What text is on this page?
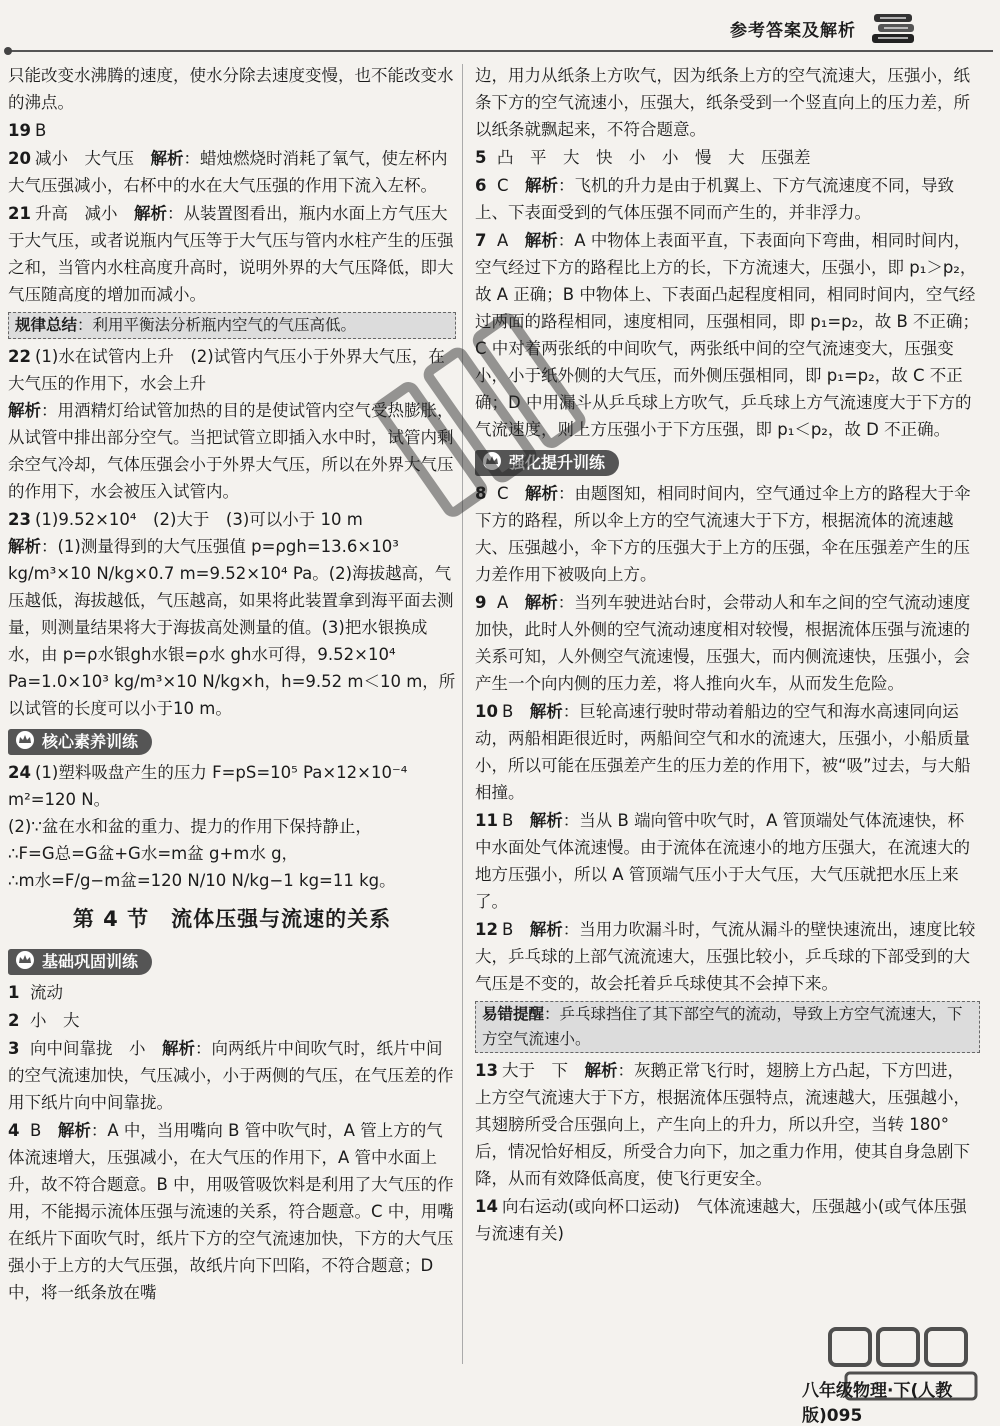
参考答案及解析
只能改变水沸腾的速度，使水分除去速度变慢，也不能改变水的沸点。
19 B
20 减小　大气压　 解析：蜡烛燃烧时消耗了氧气，使左杯内大气压强减小，右杯中的水在大气压强的作用下流入左杯。
21 升高　减小　 解析：从装置图看出，瓶内水面上方气压大于大气压，或者说瓶内气压等于大气压与管内水柱产生的压强之和，当管内水柱高度升高时，说明外界的大气压降低，即大气压随高度的增加而减小。
规律总结：利用平衡法分析瓶内空气的气压高低。
22 (1)水在试管内上升　(2)试管内气压小于外界大气压，在大气压的作用下，水会上升
解析：用酒精灯给试管加热的目的是使试管内空气受热膨胀，从试管中排出部分空气。当把试管立即插入水中时，试管内剩余空气冷却，气体压强会小于外界大气压，所以在外界大气压的作用下，水会被压入试管内。
23 (1)9.52×10⁴　(2)大于　(3)可以小于 10 m
解析：(1)测量得到的大气压强值 p=ρgh=13.6×10³ kg/m³×10 N/kg×0.7 m=9.52×10⁴ Pa。(2)海拔越高，气压越低，海拔越低，气压越高，如果将此装置拿到海平面去测量，则测量结果将大于海拔高处测量的值。(3)把水银换成水，由 p=ρ水银gh水银=ρ水 gh水可得，9.52×10⁴ Pa=1.0×10³ kg/m³×10 N/kg×h，h=9.52 m＜10 m，所以试管的长度可以小于10 m。
核心素养训练
24 (1)塑料吸盘产生的压力 F=pS=10⁵ Pa×12×10⁻⁴ m²=120 N。
(2)∵盆在水和盆的重力、提力的作用下保持静止，
∴F=G总=G盆+G水=m盆 g+m水 g，
∴m水=F/g−m盆=120 N/10 N/kg−1 kg=11 kg。
第 4 节　流体压强与流速的关系
基础巩固训练
1 流动
2 小　大
3 向中间靠拢　小　 解析：向两纸片中间吹气时，纸片中间的空气流速加快，气压减小，小于两侧的气压，在气压差的作用下纸片向中间靠拢。
4 B　 解析：A 中，当用嘴向 B 管中吹气时，A 管上方的气体流速增大，压强减小，在大气压的作用下，A 管中水面上升，故不符合题意。B 中，用吸管吸饮料是利用了大气压的作用，不能揭示流体压强与流速的关系，符合题意。C 中，用嘴在纸片下面吹气时，纸片下方的空气流速加快，下方的大气压强小于上方的大气压强，故纸片向下凹陷，不符合题意；D 中，将一纸条放在嘴
边，用力从纸条上方吹气，因为纸条上方的空气流速大，压强小，纸条下方的空气流速小，压强大，纸条受到一个竖直向上的压力差，所以纸条就飘起来，不符合题意。
5 凸　平　大　快　小　小　慢　大　压强差
6 C　 解析：飞机的升力是由于机翼上、下方气流速度不同，导致上、下表面受到的气体压强不同而产生的，并非浮力。
7 A　 解析：A 中物体上表面平直，下表面向下弯曲，相同时间内，空气经过下方的路程比上方的长，下方流速大，压强小，即 p₁＞p₂，故 A 正确；B 中物体上、下表面凸起程度相同，相同时间内，空气经过两面的路程相同，速度相同，压强相同，即 p₁=p₂，故 B 不正确；C 中对着两张纸的中间吹气，两张纸中间的空气流速变大，压强变小，小于纸外侧的大气压，而外侧压强相同，即 p₁=p₂，故 C 不正确；D 中用漏斗从乒乓球上方吹气，乒乓球上方气流速度大于下方的气流速度，则上方压强小于下方压强，即 p₁＜p₂，故 D 不正确。
强化提升训练
8 C　 解析：由题图知，相同时间内，空气通过伞上方的路程大于伞下方的路程，所以伞上方的空气流速大于下方，根据流体的流速越大、压强越小，伞下方的压强大于上方的压强，伞在压强差产生的压力差作用下被吸向上方。
9 A　 解析：当列车驶进站台时，会带动人和车之间的空气流动速度加快，此时人外侧的空气流动速度相对较慢，根据流体压强与流速的关系可知，人外侧空气流速慢，压强大，而内侧流速快，压强小，会产生一个向内侧的压力差，将人推向火车，从而发生危险。
10 B　 解析：巨轮高速行驶时带动着船边的空气和海水高速同向运动，两船相距很近时，两船间空气和水的流速大，压强小，小船质量小，所以可能在压强差产生的压力差的作用下，被“吸”过去，与大船相撞。
11 B　 解析：当从 B 端向管中吹气时，A 管顶端处气体流速快，杯中水面处气体流速慢。由于流体在流速小的地方压强大，在流速大的地方压强小，所以 A 管顶端气压小于大气压，大气压就把水压上来了。
12 B　 解析：当用力吹漏斗时，气流从漏斗的壁快速流出，速度比较大，乒乓球的上部气流流速大，压强比较小，乒乓球的下部受到的大气压是不变的，故会托着乒乓球使其不会掉下来。
易错提醒：乒乓球挡住了其下部空气的流动，导致上方空气流速大，下方空气流速小。
13 大于　下　 解析：灰鹅正常飞行时，翅膀上方凸起，下方凹进，上方空气流速大于下方，根据流体压强特点，流速越大，压强越小，其翅膀所受合压强向上，产生向上的升力，所以升空，当转 180°后，情况恰好相反，所受合力向下，加之重力作用，使其自身急剧下降，从而有效降低高度，使飞行更安全。
14 向右运动(或向杯口运动)　气体流速越大，压强越小(或气体压强与流速有关)
八年级物理·下(人教版)095
